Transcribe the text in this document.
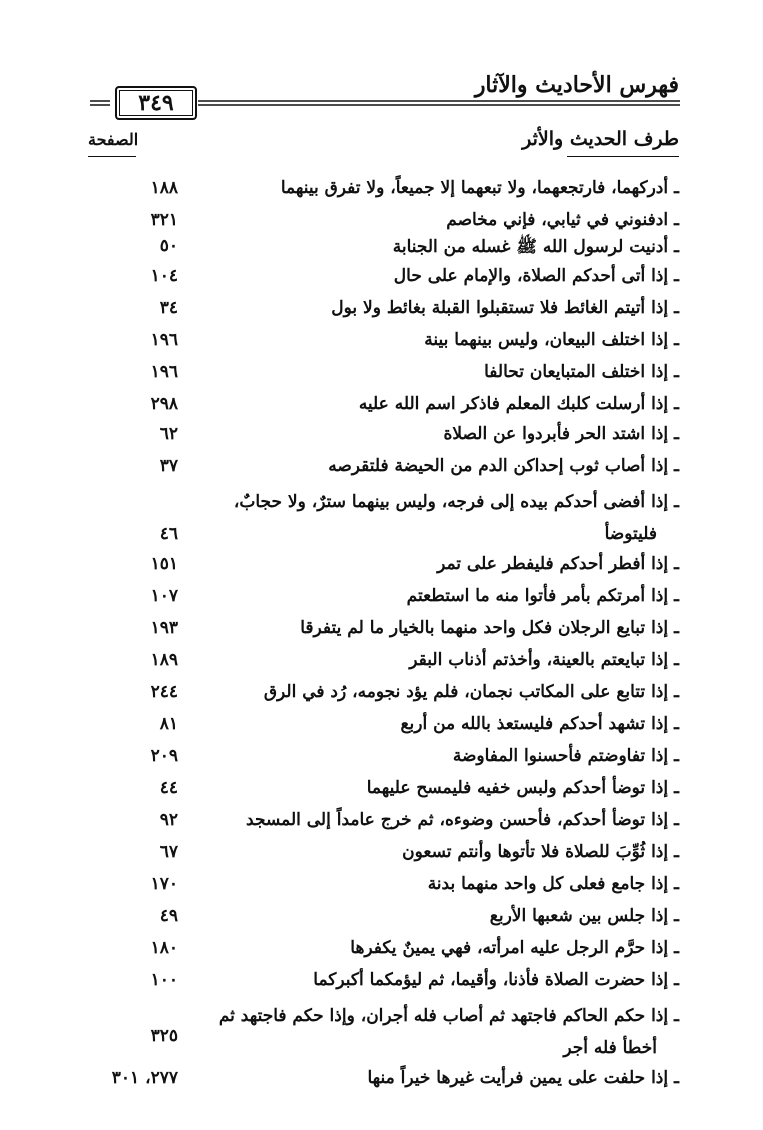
فهرس الأحاديث والآثار
٣٤٩
طرف الحديث والأثر
الصفحة
ـ أدركهما، فارتجعهما، ولا تبعهما إلا جميعاً، ولا تفرق بينهما
١٨٨
ـ ادفنوني في ثيابي، فإني مخاصم
٣٢١
ـ أدنيت لرسول الله ﷺ غسله من الجنابة
٥٠
ـ إذا أتى أحدكم الصلاة، والإمام على حال
١٠٤
ـ إذا أتيتم الغائط فلا تستقبلوا القبلة بغائط ولا بول
٣٤
ـ إذا اختلف البيعان، وليس بينهما بينة
١٩٦
ـ إذا اختلف المتبايعان تحالفا
١٩٦
ـ إذا أرسلت كلبك المعلم فاذكر اسم الله عليه
٢٩٨
ـ إذا اشتد الحر فأبردوا عن الصلاة
٦٢
ـ إذا أصاب ثوب إحداكن الدم من الحيضة فلتقرصه
٣٧
ـ إذا أفضى أحدكم بيده إلى فرجه، وليس بينهما سترٌ، ولا حجابٌ،
فليتوضأ
٤٦
ـ إذا أفطر أحدكم فليفطر على تمر
١٥١
ـ إذا أمرتكم بأمر فأتوا منه ما استطعتم
١٠٧
ـ إذا تبايع الرجلان فكل واحد منهما بالخيار ما لم يتفرقا
١٩٣
ـ إذا تبايعتم بالعينة، وأخذتم أذناب البقر
١٨٩
ـ إذا تتابع على المكاتب نجمان، فلم يؤد نجومه، رُد في الرق
٢٤٤
ـ إذا تشهد أحدكم فليستعذ بالله من أربع
٨١
ـ إذا تفاوضتم فأحسنوا المفاوضة
٢٠٩
ـ إذا توضأ أحدكم ولبس خفيه فليمسح عليهما
٤٤
ـ إذا توضأ أحدكم، فأحسن وضوءه، ثم خرج عامداً إلى المسجد
٩٢
ـ إذا ثُوِّبَ للصلاة فلا تأتوها وأنتم تسعون
٦٧
ـ إذا جامع فعلى كل واحد منهما بدنة
١٧٠
ـ إذا جلس بين شعبها الأربع
٤٩
ـ إذا حرَّم الرجل عليه امرأته، فهي يمينٌ يكفرها
١٨٠
ـ إذا حضرت الصلاة فأذنا، وأقيما، ثم ليؤمكما أكبركما
١٠٠
ـ إذا حكم الحاكم فاجتهد ثم أصاب فله أجران، وإذا حكم فاجتهد ثم
أخطأ فله أجر
٣٢٥
ـ إذا حلفت على يمين فرأيت غيرها خيراً منها
٢٧٧، ٣٠١
